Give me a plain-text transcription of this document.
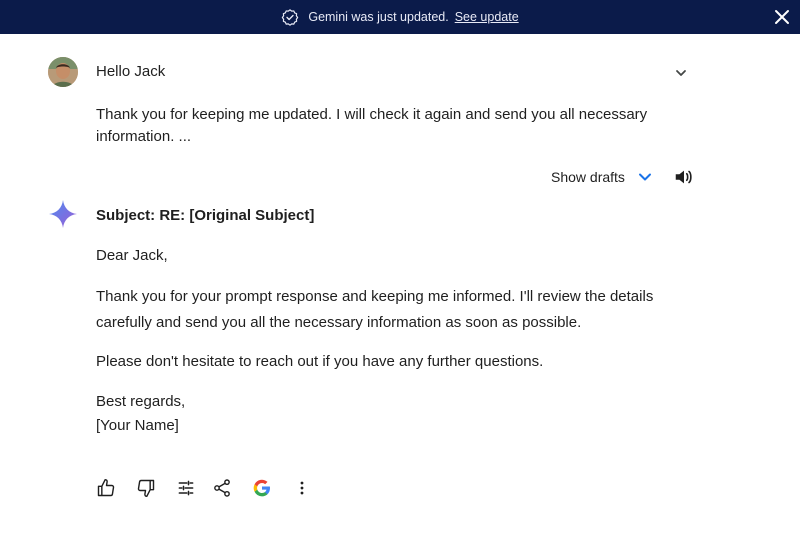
Gemini was just updated. See update
Hello Jack
Thank you for keeping me updated. I will check it again and send you all necessary information. ...
Show drafts
Subject: RE: [Original Subject]
Dear Jack,
Thank you for your prompt response and keeping me informed. I'll review the details carefully and send you all the necessary information as soon as possible.
Please don't hesitate to reach out if you have any further questions.
Best regards,
[Your Name]
